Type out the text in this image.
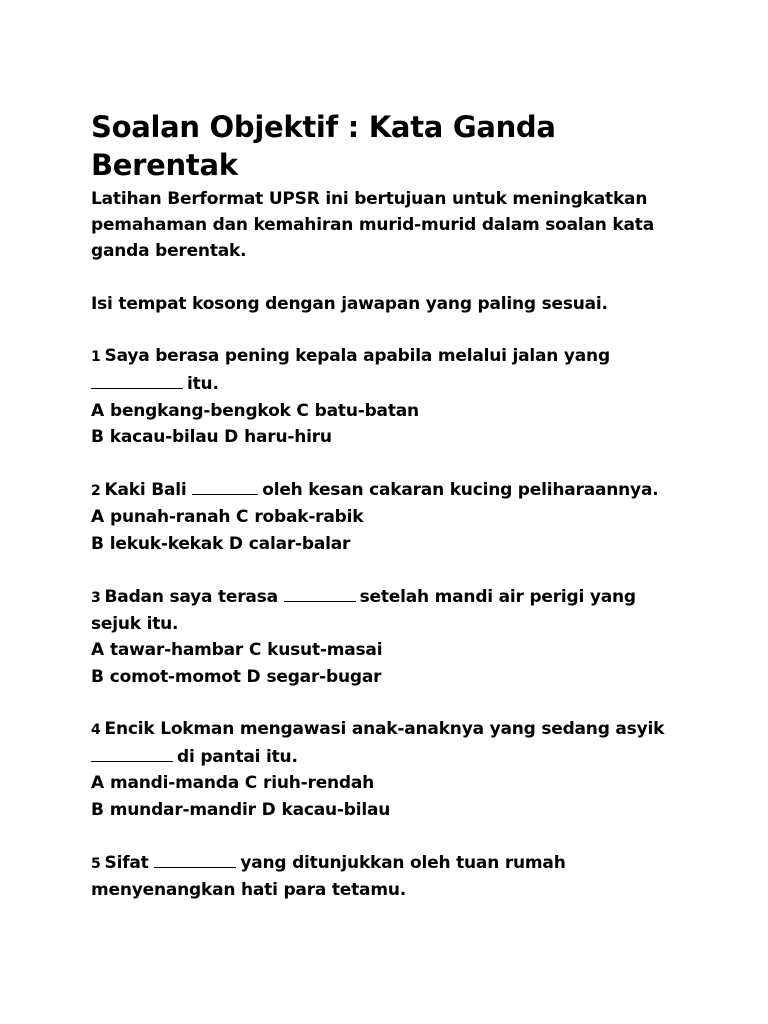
Soalan Objektif : Kata Ganda Berentak

Latihan Berformat UPSR ini bertujuan untuk meningkatkan pemahaman dan kemahiran murid-murid dalam soalan kata ganda berentak.

Isi tempat kosong dengan jawapan yang paling sesuai.

1 Saya berasa pening kepala apabila melalui jalan yang itu.
A bengkang-bengkok C batu-batan
B kacau-bilau D haru-hiru
2 Kaki Bali	oleh kesan cakaran kucing peliharaannya.
A punah-ranah C robak-rabik
B lekuk-kekak D calar-balar
3 Badan saya terasa	setelah mandi air perigi yang sejuk itu.
A tawar-hambar C kusut-masai
B comot-momot D segar-bugar
4 Encik Lokman mengawasi anak-anaknya yang sedang asyik di pantai itu.
A mandi-manda C riuh-rendah
B mundar-mandir D kacau-bilau
5 Sifat	yang ditunjukkan oleh tuan rumah menyenangkan hati para tetamu.
